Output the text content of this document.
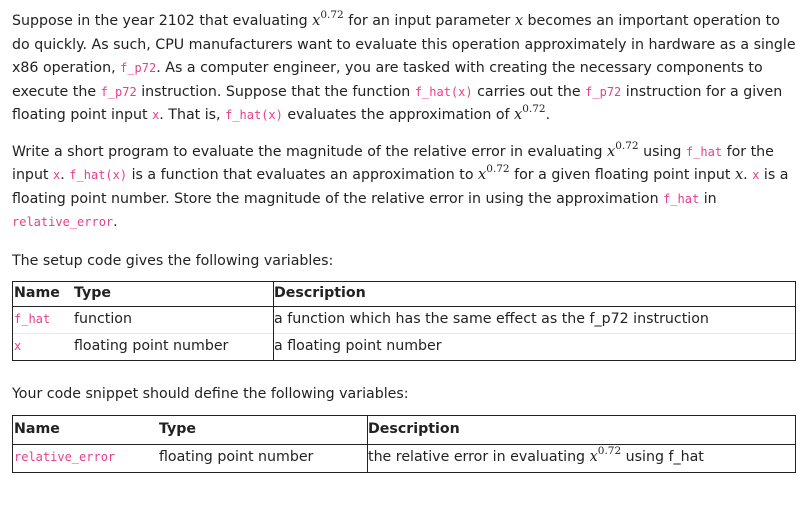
Suppose in the year 2102 that evaluating $x^{0.72}$ for an input parameter x becomes an important operation to do quickly. As such, CPU manufacturers want to evaluate this operation approximately in hardware as a single x86 operation, f_p72. As a computer engineer, you are tasked with creating the necessary components to execute the f_p72 instruction. Suppose that the function f_hat(x) carries out the f_p72 instruction for a given floating point input x. That is, f_hat(x) evaluates the approximation of $x^{0.72}$.

Write a short program to evaluate the magnitude of the relative error in evaluating $x^{0.72}$ using f_hat for the input x. f_hat(x) is a function that evaluates an approximation to $x^{0.72}$ for a given floating point input x. x is a floating point number. Store the magnitude of the relative error in using the approximation f_hat in relative_error.

The setup code gives the following variables:

Name	Type	Description
f_hat	function	a function which has the same effect as the f_p72 instruction
x	floating point number	a floating point number

Your code snippet should define the following variables:

Name	Type	Description
relative_error	floating point number	the relative error in evaluating $x^{0.72}$ using f_hat
